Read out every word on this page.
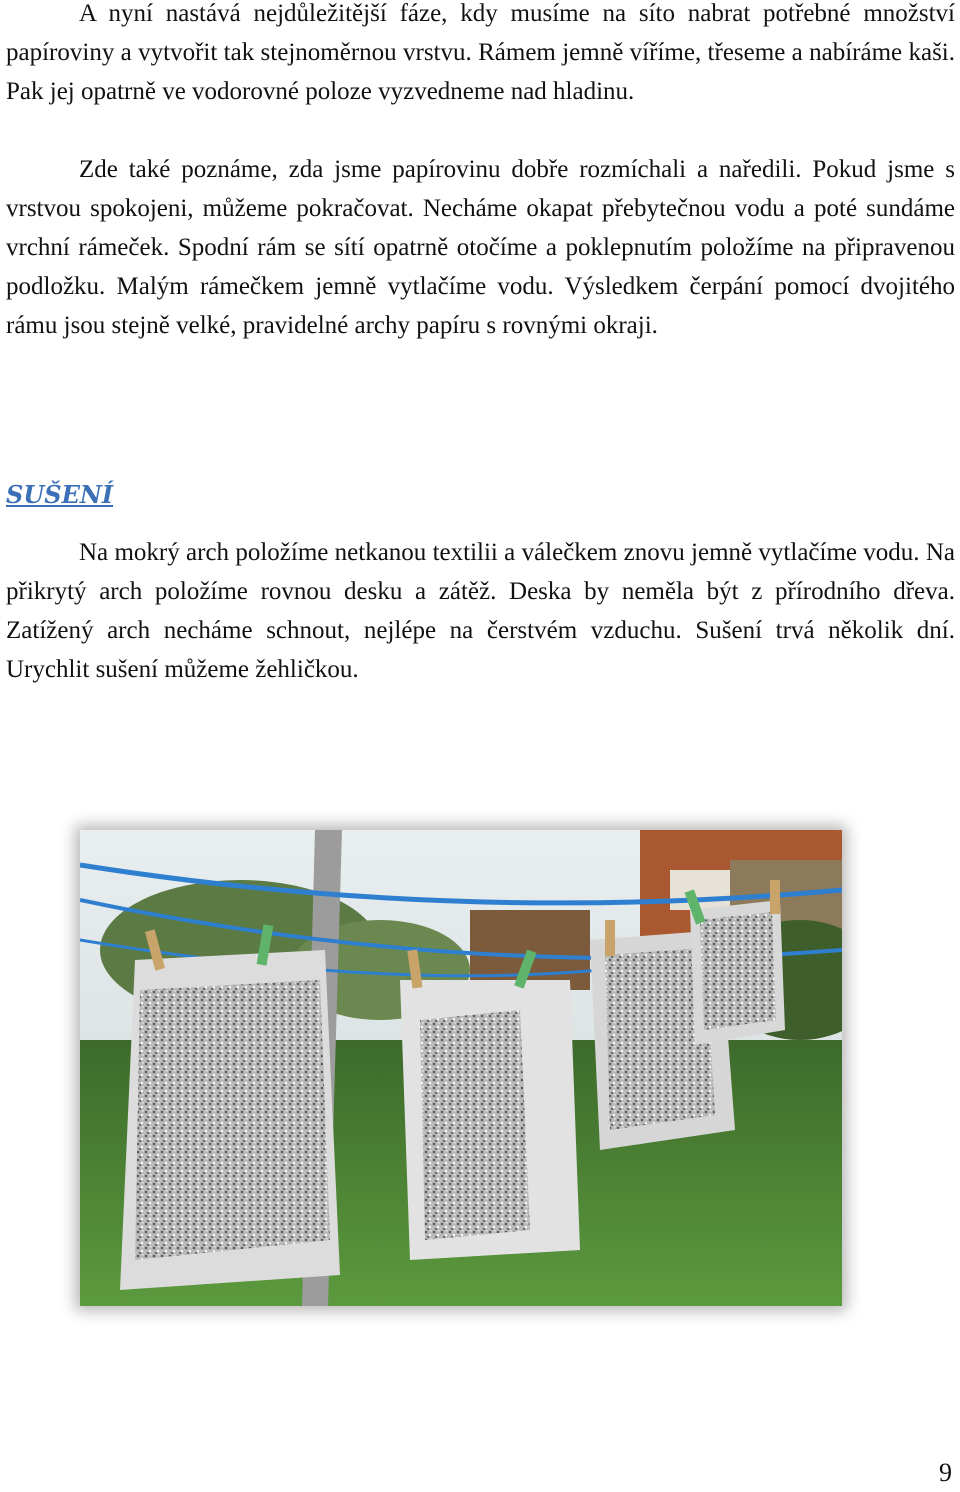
A nyní nastává nejdůležitější fáze, kdy musíme na síto nabrat potřebné množství papíroviny a vytvořit tak stejnoměrnou vrstvu. Rámem jemně víříme, třeseme a nabíráme kaši. Pak jej opatrně ve vodorovné poloze vyzvedneme nad hladinu.

Zde také poznáme, zda jsme papírovinu dobře rozmíchali a naředili. Pokud jsme s vrstvou spokojeni, můžeme pokračovat. Necháme okapat přebytečnou vodu a poté sundáme vrchní rámeček. Spodní rám se sítí opatrně otočíme a poklepnutím položíme na připravenou podložku. Malým rámečkem jemně vytlačíme vodu. Výsledkem čerpání pomocí dvojitého rámu jsou stejně velké, pravidelné archy papíru s rovnými okraji.

SUŠENÍ

Na mokrý arch položíme netkanou textilii a válečkem znovu jemně vytlačíme vodu. Na přikrytý arch položíme rovnou desku a zátěž. Deska by neměla být z přírodního dřeva. Zatížený arch necháme schnout, nejlépe na čerstvém vzduchu. Sušení trvá několik dní. Urychlit sušení můžeme žehličkou.

9
